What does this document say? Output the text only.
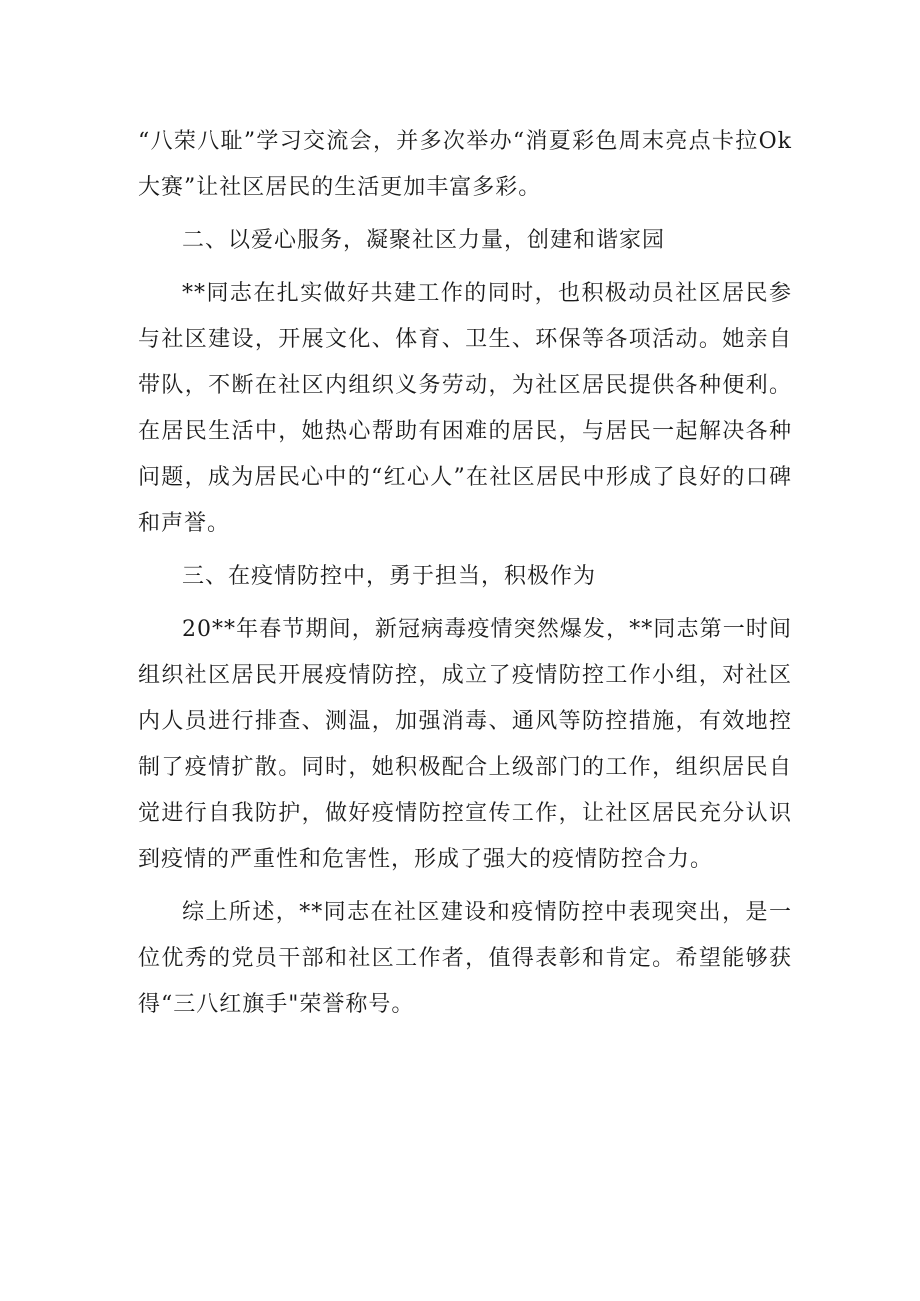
“八荣八耻”学习交流会，并多次举办“消夏彩色周末亮点卡拉Ok大赛”让社区居民的生活更加丰富多彩。

二、以爱心服务，凝聚社区力量，创建和谐家园

**同志在扎实做好共建工作的同时，也积极动员社区居民参与社区建设，开展文化、体育、卫生、环保等各项活动。她亲自带队，不断在社区内组织义务劳动，为社区居民提供各种便利。在居民生活中，她热心帮助有困难的居民，与居民一起解决各种问题，成为居民心中的“红心人”在社区居民中形成了良好的口碑和声誉。

三、在疫情防控中，勇于担当，积极作为

20**年春节期间，新冠病毒疫情突然爆发，**同志第一时间组织社区居民开展疫情防控，成立了疫情防控工作小组，对社区内人员进行排查、测温，加强消毒、通风等防控措施，有效地控制了疫情扩散。同时，她积极配合上级部门的工作，组织居民自觉进行自我防护，做好疫情防控宣传工作，让社区居民充分认识到疫情的严重性和危害性，形成了强大的疫情防控合力。

综上所述，**同志在社区建设和疫情防控中表现突出，是一位优秀的党员干部和社区工作者，值得表彰和肯定。希望能够获得“三八红旗手"荣誉称号。
